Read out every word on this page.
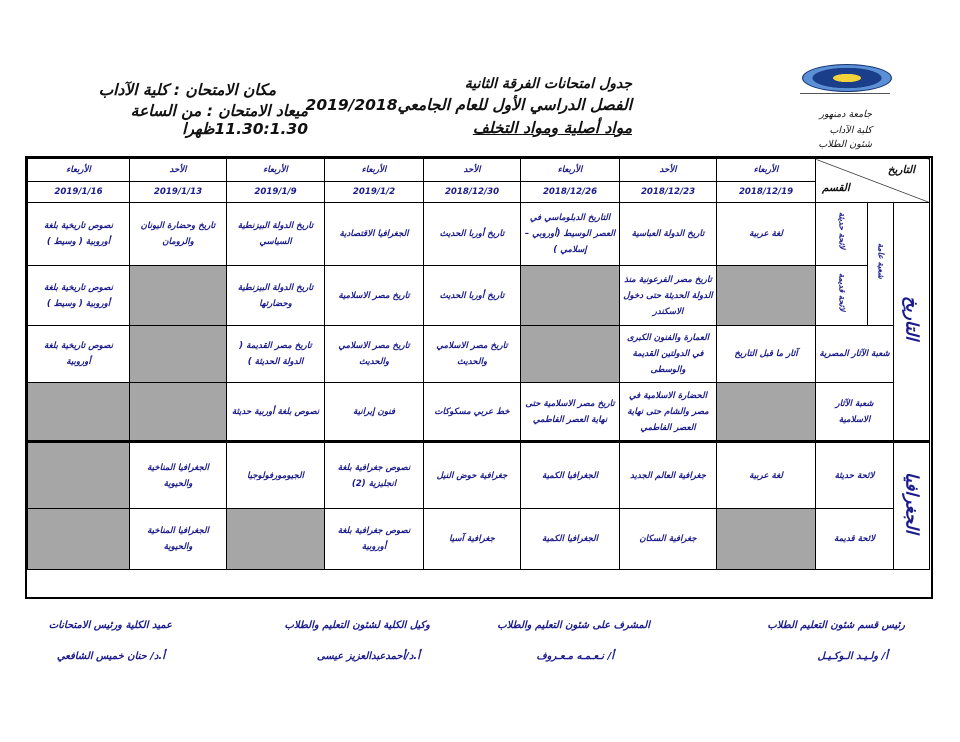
جامعة دمنهور
كلية الآداب
شئون الطلاب
جدول امتحانات الفرقة الثانية
الفصل الدراسي الأول للعام الجامعي2019/2018
مواد أصلية ومواد التخلف
مكان الامتحان : كلية الآداب
ميعاد الامتحان : من الساعة 11.30:1.30ظهرا
التاريخ
القسم			الأربعاء	الأحد	الأربعاء	الأحد	الأربعاء	الأربعاء	الأحد	الأربعاء
			2018/12/19	2018/12/23	2018/12/26	2018/12/30	2019/1/2	2019/1/9	2019/1/13	2019/1/16
التاريخ	شعبة عامة	لائحة حديثة	لغة عربية	تاريخ الدولة العباسية	التاريخ الدبلوماسي في العصر الوسيط (أوروبي – إسلامي )	تاريخ أوربا الحديث	الجغرافيا الاقتصادية	تاريخ الدولة البيزنطية السياسي	تاريخ وحضارة اليونان والرومان	نصوص تاريخية بلغة أوروبية ( وسيط )
		لائحة قديمة		تاريخ مصر الفرعونية منذ الدولة الحديثة حتى دخول الاسكندر		تاريخ أوربا الحديث	تاريخ مصر الاسلامية	تاريخ الدولة البيزنطية وحضارتها		نصوص تاريخية بلغة أوروبية ( وسيط )
	شعبة الآثار المصرية		آثار ما قبل التاريخ	العمارة والفنون الكبرى في الدولتين القديمة والوسطى		تاريخ مصر الاسلامي والحديث	تاريخ مصر الاسلامي والحديث	تاريخ مصر القديمة ( الدولة الحديثة )		نصوص تاريخية بلغة أوروبية
	شعبة الآثار الاسلامية			الحضارة الاسلامية في مصر والشام حتى نهاية العصر الفاطمي	تاريخ مصر الاسلامية حتى نهاية العصر الفاطمي	خط عربي مسكوكات	فنون إيرانية	نصوص بلغة أوربية حديثة		
الجغرافيا	لائحة حديثة		لغة عربية	جغرافية العالم الجديد	الجغرافيا الكمية	جغرافية حوض النيل	نصوص جغرافية بلغة انجليزية (2)	الجيومورفولوجيا	الجغرافيا المناخية والحيوية	
	لائحة قديمة			جغرافية السكان	الجغرافيا الكمية	جغرافية آسيا	نصوص جغرافية بلغة أوروبية		الجغرافيا المناخية والحيوية	
رئيس قسم شئون التعليم الطلاب
المشرف على شئون التعليم والطلاب
وكيل الكلية لشئون التعليم والطلاب
عميد الكلية ورئيس الامتحانات
أ/ ولـيـد الـوكـيـل
أ/ نـعـمـه مـعـروف
أ.د/أحمدعبدالعزيز عيسى
أ.د/ حنان خميس الشافعي
